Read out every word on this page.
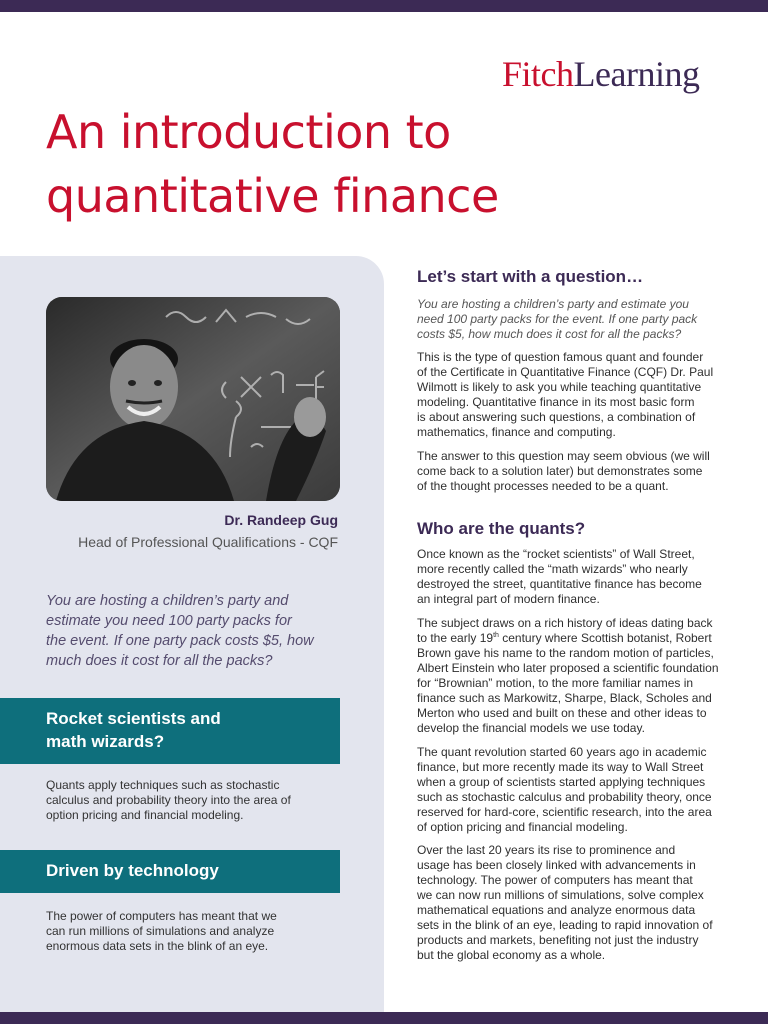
FitchLearning
An introduction to
quantitative finance
Dr. Randeep Gug
Head of Professional Qualifications - CQF
You are hosting a children’s party and
estimate you need 100 party packs for
the event. If one party pack costs $5, how
much does it cost for all the packs?
Rocket scientists and
math wizards?
Quants apply techniques such as stochastic
calculus and probability theory into the area of
option pricing and financial modeling.
Driven by technology
The power of computers has meant that we
can run millions of simulations and analyze
enormous data sets in the blink of an eye.
Let’s start with a question…
You are hosting a children’s party and estimate you
need 100 party packs for the event. If one party pack
costs $5, how much does it cost for all the packs?
This is the type of question famous quant and founder
of the Certificate in Quantitative Finance (CQF) Dr. Paul
Wilmott is likely to ask you while teaching quantitative
modeling. Quantitative finance in its most basic form
is about answering such questions, a combination of
mathematics, finance and computing.
The answer to this question may seem obvious (we will
come back to a solution later) but demonstrates some
of the thought processes needed to be a quant.
Who are the quants?
Once known as the “rocket scientists” of Wall Street,
more recently called the “math wizards” who nearly
destroyed the street, quantitative finance has become
an integral part of modern finance.
The subject draws on a rich history of ideas dating back
to the early 19th century where Scottish botanist, Robert
Brown gave his name to the random motion of particles,
Albert Einstein who later proposed a scientific foundation
for “Brownian” motion, to the more familiar names in
finance such as Markowitz, Sharpe, Black, Scholes and
Merton who used and built on these and other ideas to
develop the financial models we use today.
The quant revolution started 60 years ago in academic
finance, but more recently made its way to Wall Street
when a group of scientists started applying techniques
such as stochastic calculus and probability theory, once
reserved for hard-core, scientific research, into the area
of option pricing and financial modeling.
Over the last 20 years its rise to prominence and
usage has been closely linked with advancements in
technology. The power of computers has meant that
we can now run millions of simulations, solve complex
mathematical equations and analyze enormous data
sets in the blink of an eye, leading to rapid innovation of
products and markets, benefiting not just the industry
but the global economy as a whole.
